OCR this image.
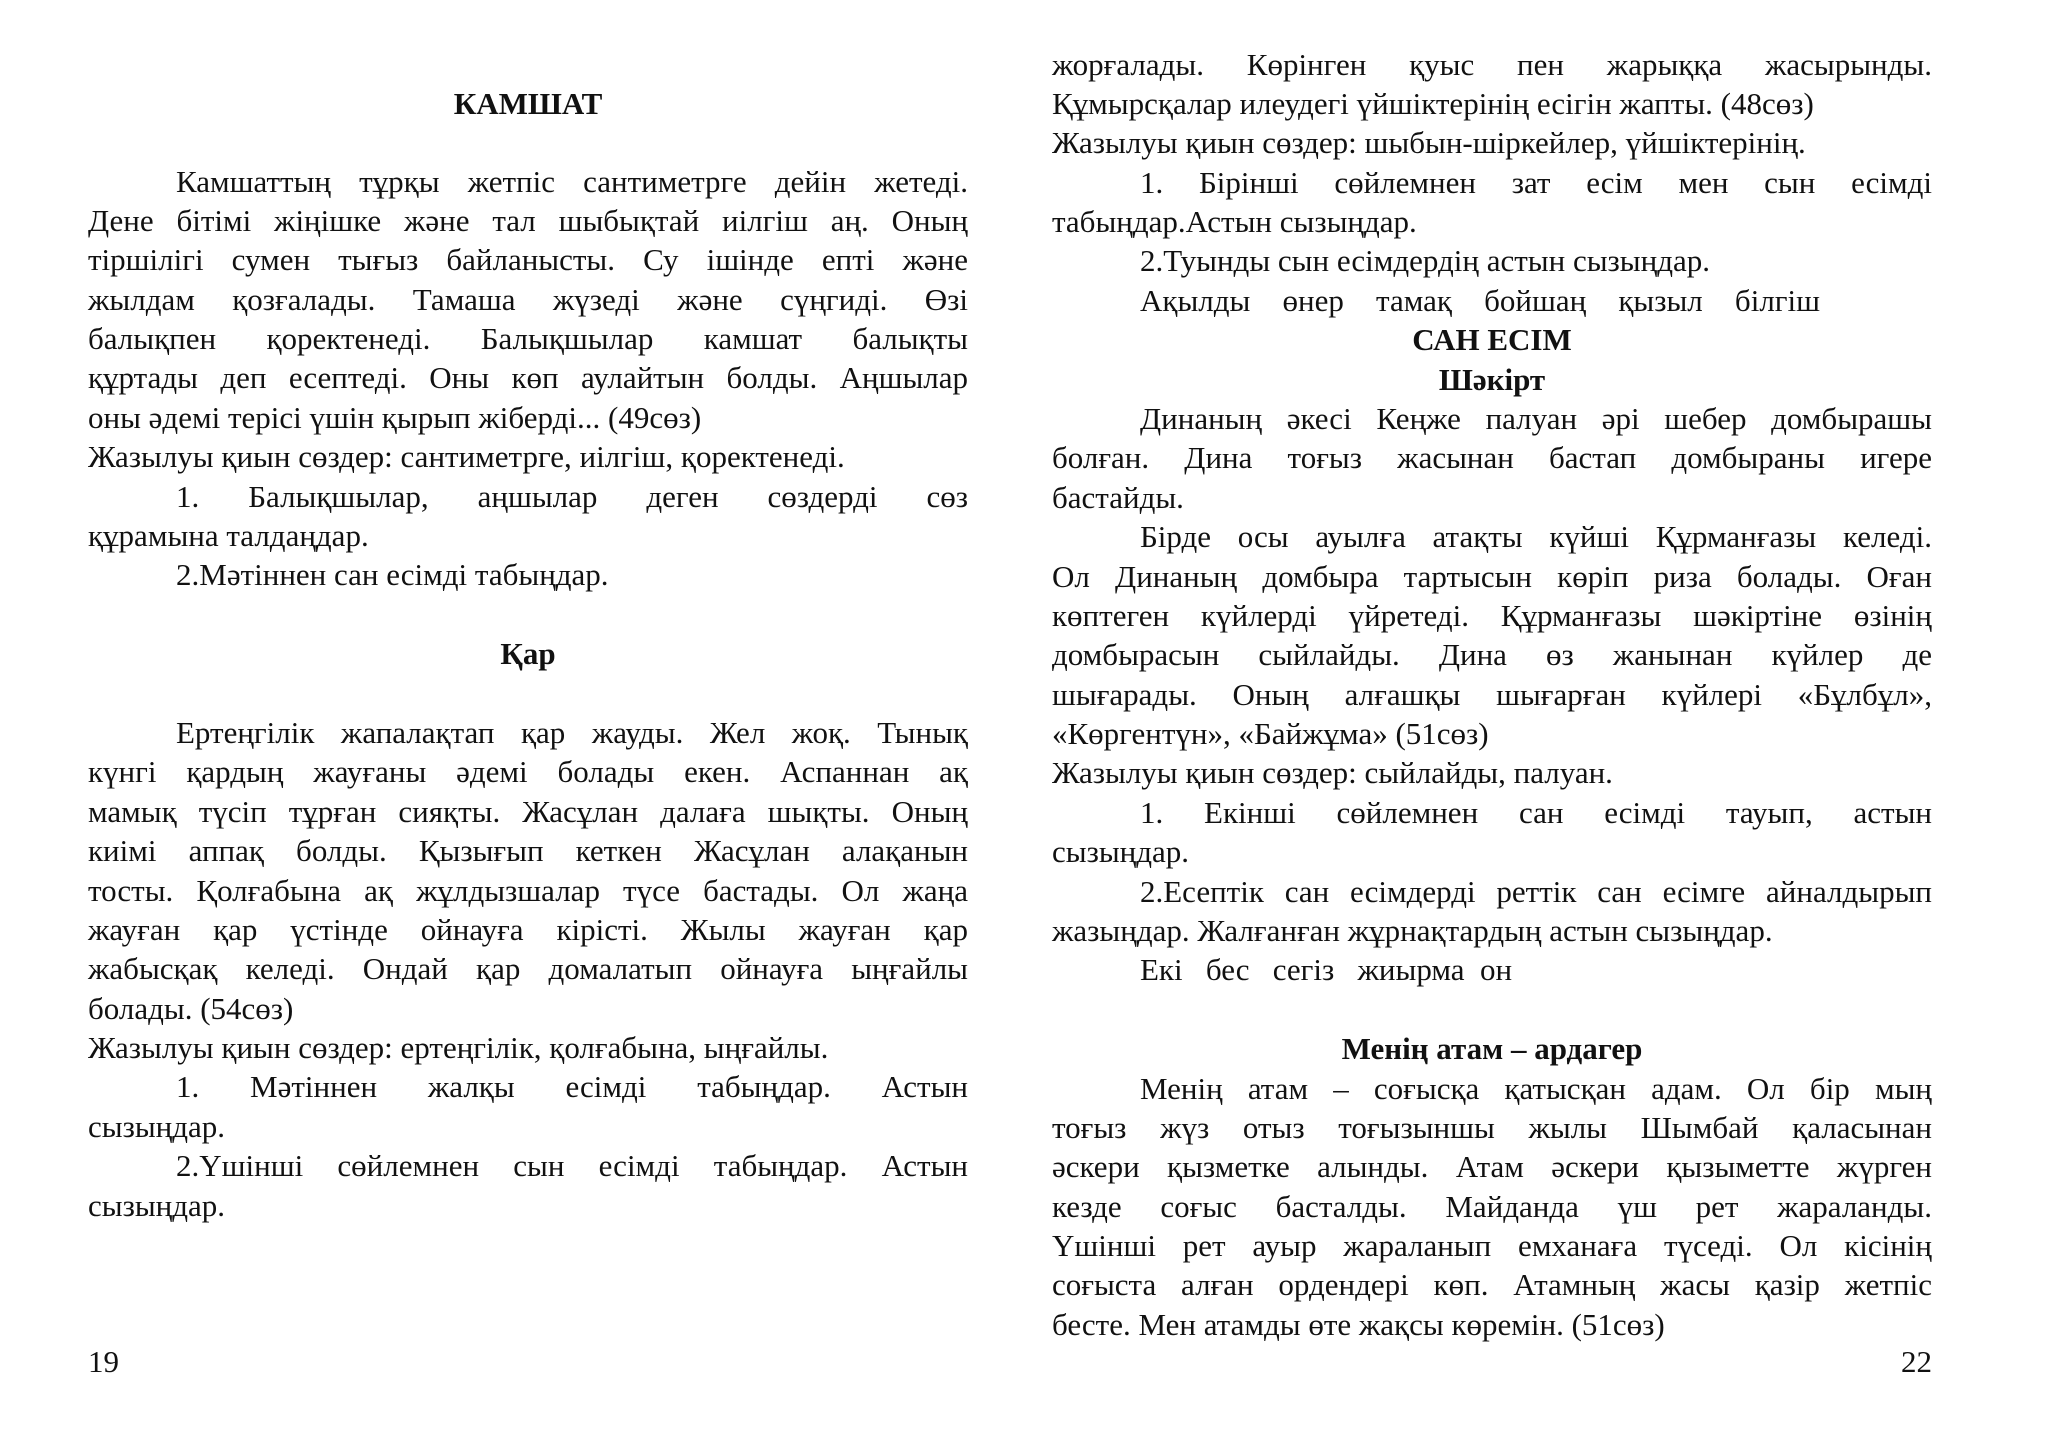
КАМШАТ
Камшаттың тұрқы жетпіс сантиметрге дейін жетеді.
Дене бітімі жіңішке және тал шыбықтай иілгіш аң. Оның
тіршілігі сумен тығыз байланысты. Су ішінде епті және
жылдам қозғалады. Тамаша жүзеді және сүңгиді. Өзі
балықпен қоректенеді. Балықшылар камшат балықты
құртады деп есептеді. Оны көп аулайтын болды. Аңшылар
оны әдемі терісі үшін қырып жіберді... (49сөз)
Жазылуы қиын сөздер: сантиметрге, иілгіш, қоректенеді.
1. Балықшылар, аңшылар деген сөздерді сөз
құрамына талдаңдар.
2.Мәтіннен сан есімді табыңдар.
Қар
Ертеңгілік жапалақтап қар жауды. Жел жоқ. Тынық
күнгі қардың жауғаны әдемі болады екен. Аспаннан ақ
мамық түсіп тұрған сияқты. Жасұлан далаға шықты. Оның
киімі аппақ болды. Қызығып кеткен Жасұлан алақанын
тосты. Қолғабына ақ жұлдызшалар түсе бастады. Ол жаңа
жауған қар үстінде ойнауға кірісті. Жылы жауған қар
жабысқақ келеді. Ондай қар домалатып ойнауға ыңғайлы
болады. (54сөз)
Жазылуы қиын сөздер: ертеңгілік, қолғабына, ыңғайлы.
1. Мәтіннен жалқы есімді табыңдар. Астын
сызыңдар.
2.Үшінші сөйлемнен сын есімді табыңдар. Астын
сызыңдар.
19
жорғалады. Көрінген қуыс пен жарыққа жасырынды.
Құмырсқалар илеудегі үйшіктерінің есігін жапты. (48сөз)
Жазылуы қиын сөздер: шыбын-шіркейлер, үйшіктерінің.
1. Бірінші сөйлемнен зат есім мен сын есімді
табыңдар.Астын сызыңдар.
2.Туынды сын есімдердің астын сызыңдар.
Ақылды өнер тамақ бойшаң қызыл білгіш
САН ЕСІМ
Шәкірт
Динаның әкесі Кеңже палуан әрі шебер домбырашы
болған. Дина тоғыз жасынан бастап домбыраны игере
бастайды.
Бірде осы ауылға атақты күйші Құрманғазы келеді.
Ол Динаның домбыра тартысын көріп риза болады. Оған
көптеген күйлерді үйретеді. Құрманғазы шәкіртіне өзінің
домбырасын сыйлайды. Дина өз жанынан күйлер де
шығарады. Оның алғашқы шығарған күйлері «Бұлбұл»,
«Көргентүн», «Байжұма» (51сөз)
Жазылуы қиын сөздер: сыйлайды, палуан.
1. Екінші сөйлемнен сан есімді тауып, астын
сызыңдар.
2.Есептік сан есімдерді реттік сан есімге айналдырып
жазыңдар. Жалғанған жұрнақтардың астын сызыңдар.
Екі   бес   сегіз   жиырма  он
Менің атам – ардагер
Менің атам – соғысқа қатысқан адам. Ол бір мың
тоғыз жүз отыз тоғызыншы жылы Шымбай қаласынан
әскери қызметке алынды. Атам әскери қызыметте жүрген
кезде соғыс басталды. Майданда үш рет жараланды.
Үшінші рет ауыр жараланып емханаға түседі. Ол кісінің
соғыста алған ордендері көп. Атамның жасы қазір жетпіс
бесте. Мен атамды өте жақсы көремін. (51сөз)
22
